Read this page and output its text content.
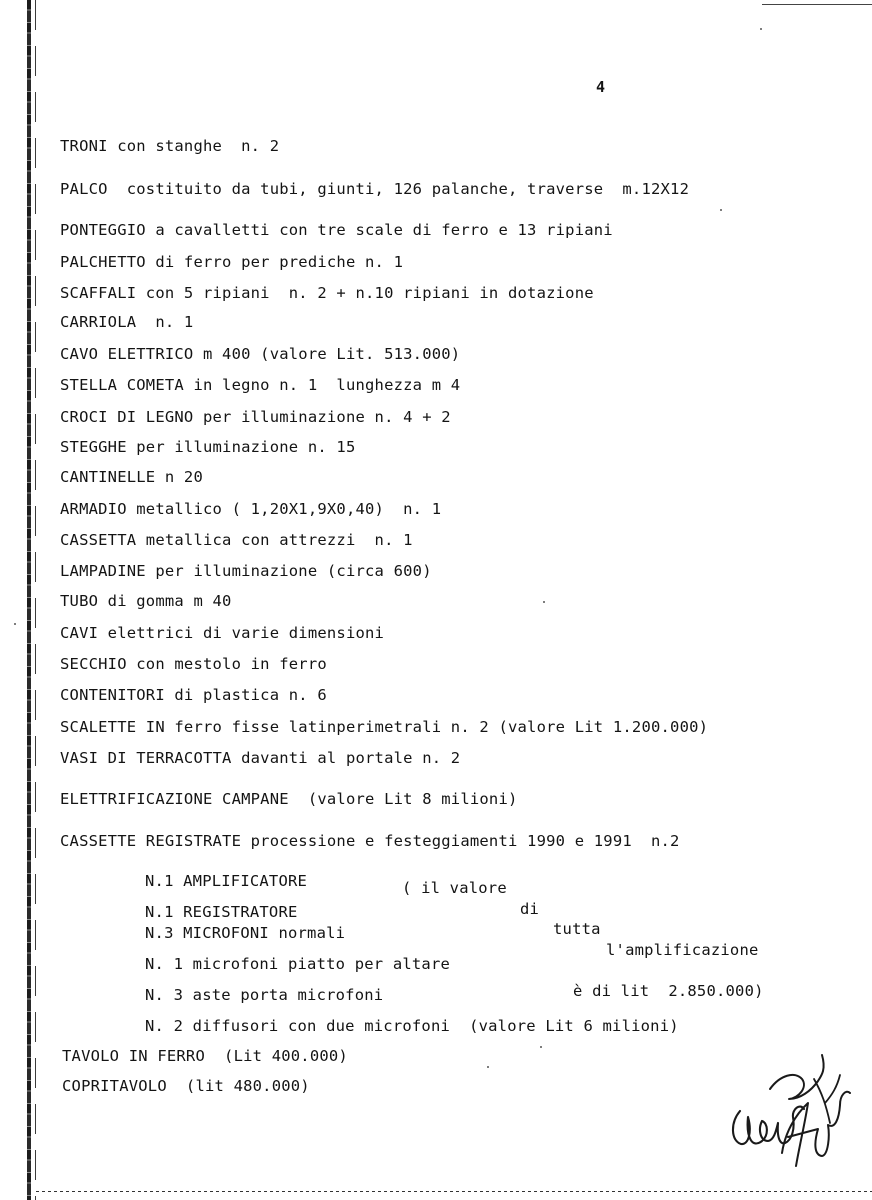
4
TRONI con stanghe  n. 2
PALCO  costituito da tubi, giunti, 126 palanche, traverse  m.12X12
PONTEGGIO a cavalletti con tre scale di ferro e 13 ripiani
PALCHETTO di ferro per prediche n. 1
SCAFFALI con 5 ripiani  n. 2 + n.10 ripiani in dotazione
CARRIOLA  n. 1
CAVO ELETTRICO m 400 (valore Lit. 513.000)
STELLA COMETA in legno n. 1  lunghezza m 4
CROCI DI LEGNO per illuminazione n. 4 + 2
STEGGHE per illuminazione n. 15
CANTINELLE n 20
ARMADIO metallico ( 1,20X1,9X0,40)  n. 1
CASSETTA metallica con attrezzi  n. 1
LAMPADINE per illuminazione (circa 600)
TUBO di gomma m 40
CAVI elettrici di varie dimensioni
SECCHIO con mestolo in ferro
CONTENITORI di plastica n. 6
SCALETTE IN ferro fisse latinperimetrali n. 2 (valore Lit 1.200.000)
VASI DI TERRACOTTA davanti al portale n. 2
ELETTRIFICAZIONE CAMPANE  (valore Lit 8 milioni)
CASSETTE REGISTRATE processione e festeggiamenti 1990 e 1991  n.2
N.1 AMPLIFICATORE	( il valore
N.1 REGISTRATORE	di
N.3 MICROFONI normali	tutta
l'amplificazione
N. 1 microfoni piatto per altare
N. 3 aste porta microfoni	è di lit  2.850.000)
N. 2 diffusori con due microfoni  (valore Lit 6 milioni)
TAVOLO IN FERRO  (Lit 400.000)
COPRITAVOLO  (lit 480.000)
